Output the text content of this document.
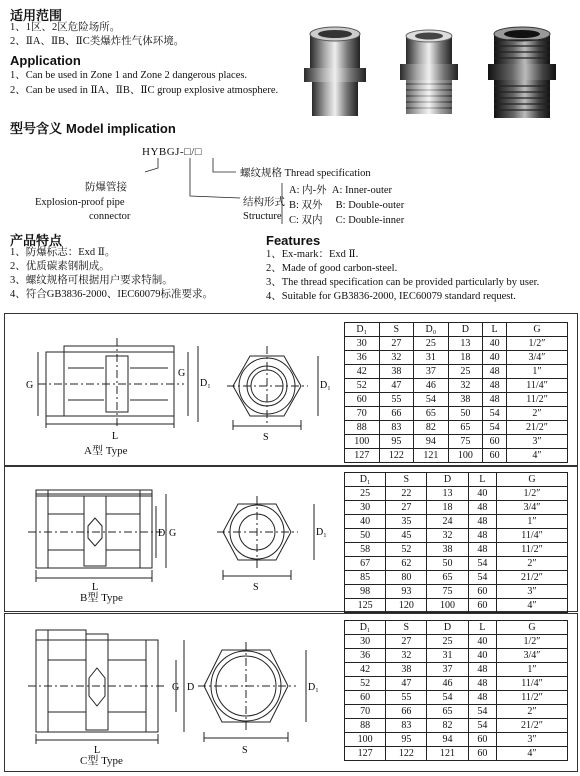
适用范围
1、1区、2区危险场所。
2、ⅡA、ⅡB、ⅡC类爆炸性气体环境。
Application
1、Can be used in Zone 1 and Zone 2 dangerous places.
2、Can be used in ⅡA、ⅡB、ⅡC group explosive atmosphere.
型号含义 Model implication
HYBGJ-□/□
螺纹规格 Thread specification
防爆管接
Explosion-proof pipe
connector
结构形式
Structure
A: 内-外 A: Inner-outer
B: 双外 B: Double-outer
C: 双内 C: Double-inner
产品特点
1、防爆标志：Exd Ⅱ。
2、优质碳素钢制成。
3、螺纹规格可根据用户要求特制。
4、符合GB3836-2000、IEC60079标准要求。
Features
1、Ex-mark：Exd Ⅱ.
2、Made of good carbon-steel.
3、The thread specification can be provided particularly by user.
4、Suitable for GB3836-2000, IEC60079 standard request.
G
G
D₁
L	S
D₁
A型 Type
D₁	S	D₀	D	L	G
30	27	25	13	40	1/2″
36	32	31	18	40	3/4″
42	38	37	25	48	1″
52	47	46	32	48	11/4″
60	55	54	38	48	11/2″
70	66	65	50	54	2″
88	83	82	65	54	21/2″
100	95	94	75	60	3″
127	122	121	100	60	4″
D G
L	S
D₁
B型 Type
D₁	S	D	L	G
25	22	13	40	1/2″
30	27	18	48	3/4″
40	35	24	48	1″
50	45	32	48	11/4″
58	52	38	48	11/2″
67	62	50	54	2″
85	80	65	54	21/2″
98	93	75	60	3″
125	120	100	60	4″
G D
L	S
D₁
C型 Type
D₁	S	D	L	G
30	27	25	40	1/2″
36	32	31	40	3/4″
42	38	37	48	1″
52	47	46	48	11/4″
60	55	54	48	11/2″
70	66	65	54	2″
88	83	82	54	21/2″
100	95	94	60	3″
127	122	121	60	4″
